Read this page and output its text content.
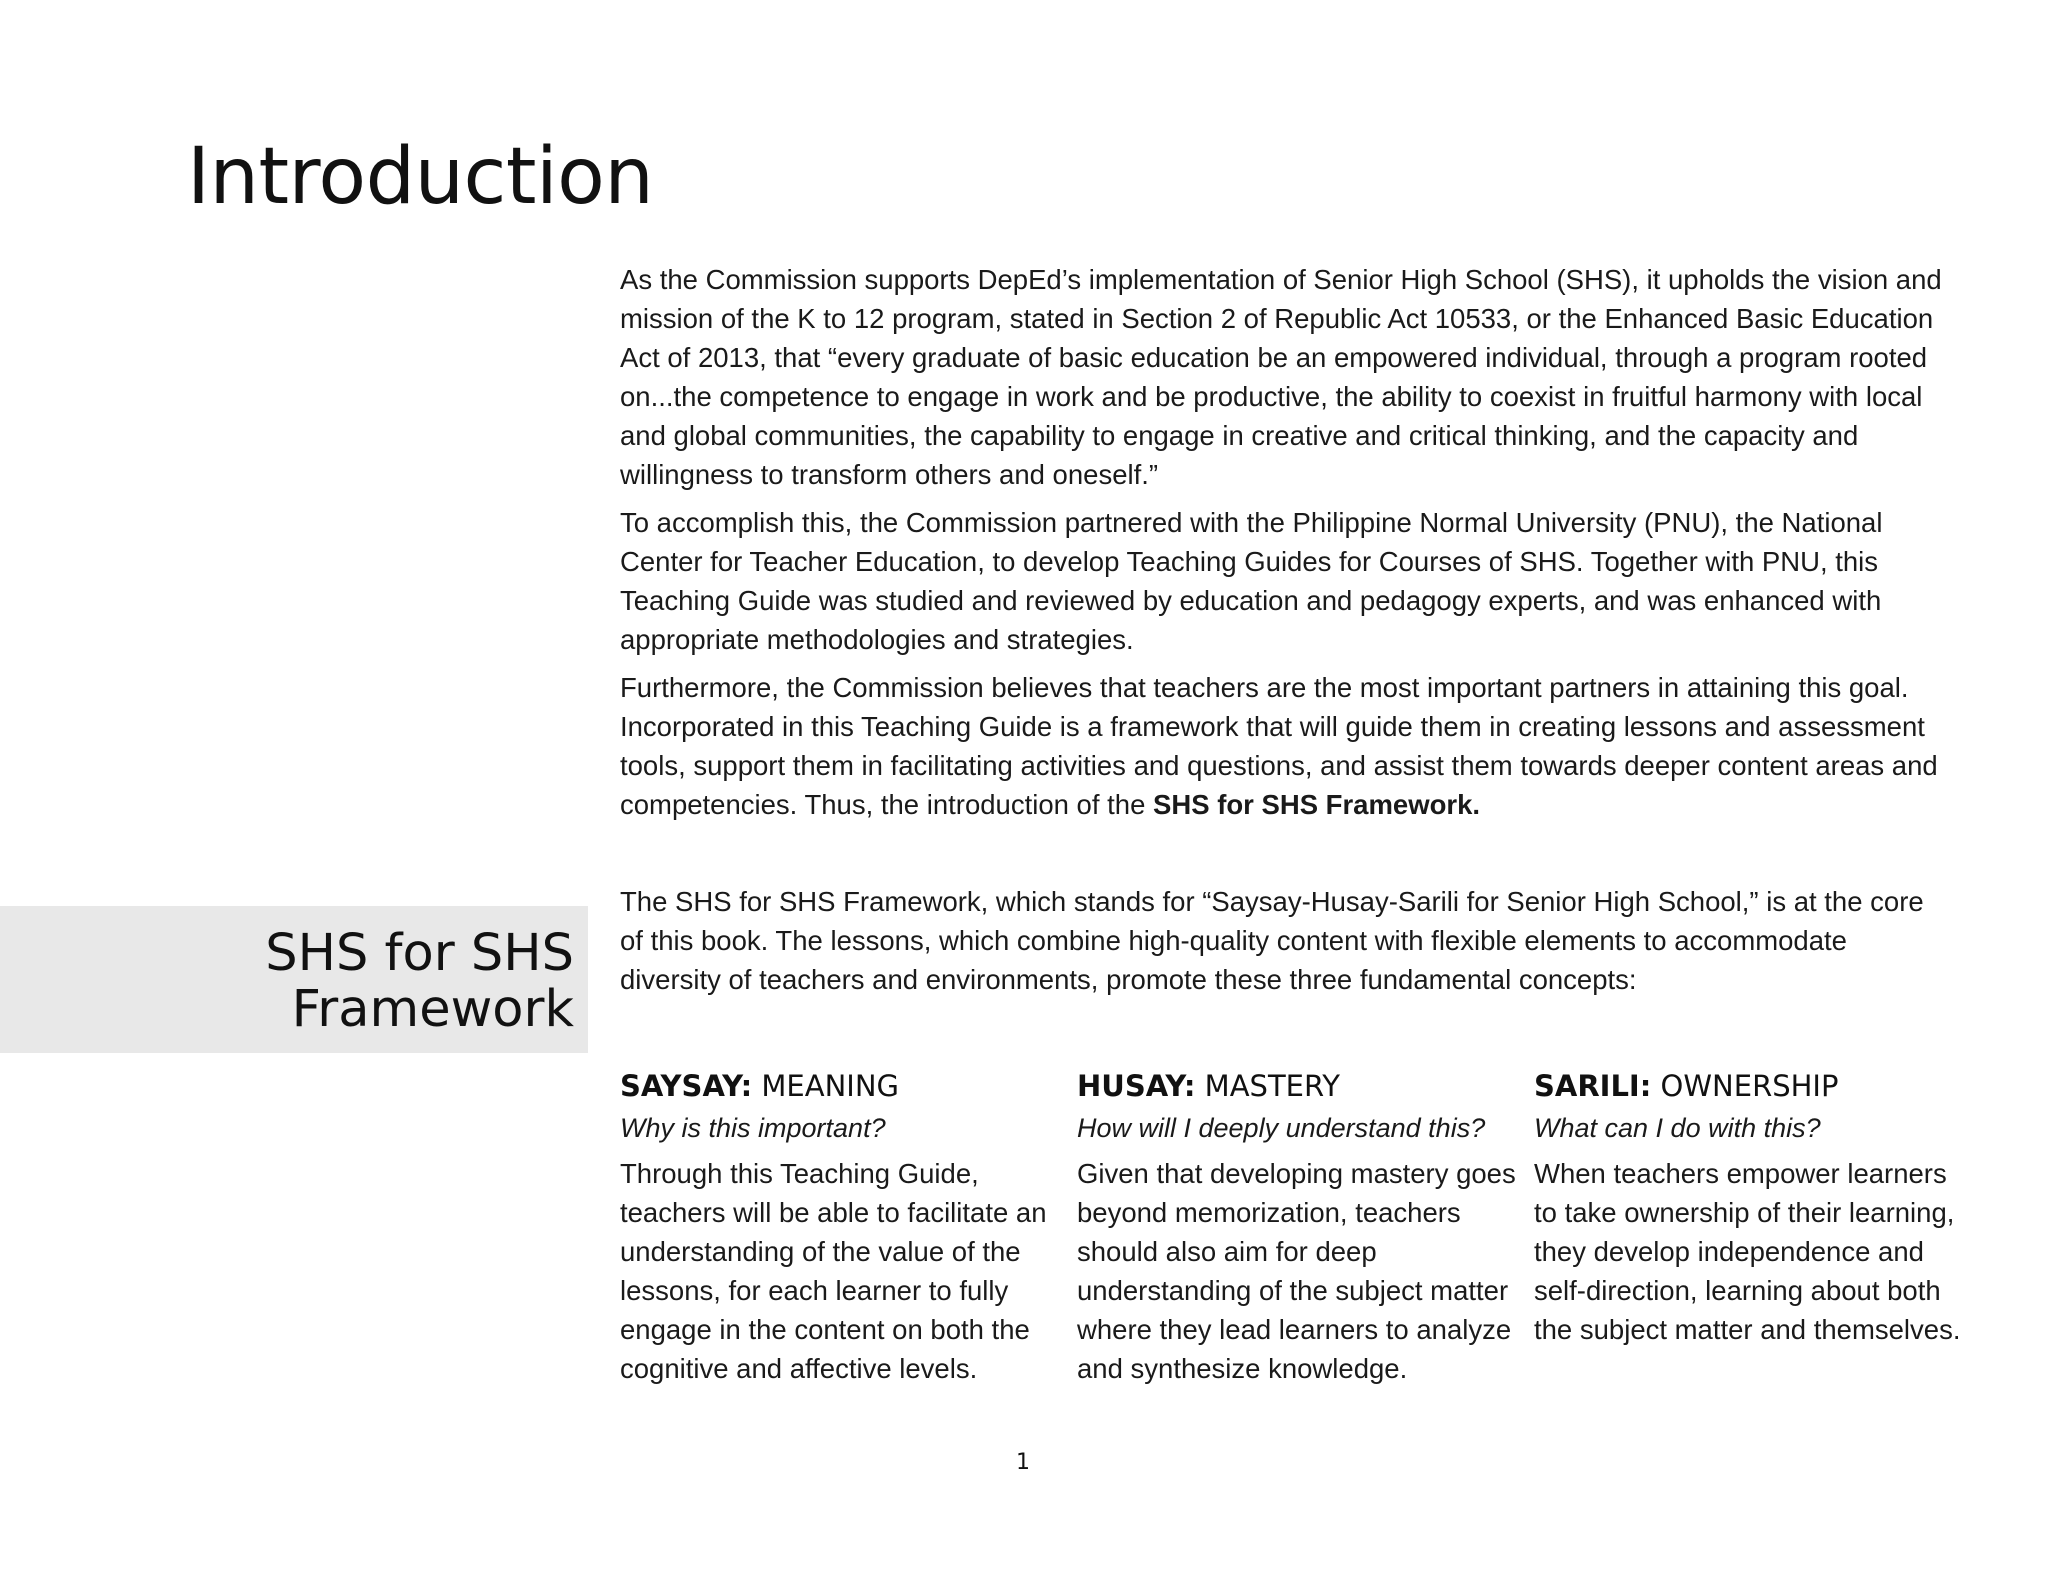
Introduction

As the Commission supports DepEd’s implementation of Senior High School (SHS), it upholds the vision and mission of the K to 12 program, stated in Section 2 of Republic Act 10533, or the Enhanced Basic Education Act of 2013, that “every graduate of basic education be an empowered individual, through a program rooted on...the competence to engage in work and be productive, the ability to coexist in fruitful harmony with local and global communities, the capability to engage in creative and critical thinking, and the capacity and willingness to transform others and oneself.”

To accomplish this, the Commission partnered with the Philippine Normal University (PNU), the National Center for Teacher Education, to develop Teaching Guides for Courses of SHS. Together with PNU, this Teaching Guide was studied and reviewed by education and pedagogy experts, and was enhanced with appropriate methodologies and strategies.

Furthermore, the Commission believes that teachers are the most important partners in attaining this goal. Incorporated in this Teaching Guide is a framework that will guide them in creating lessons and assessment tools, support them in facilitating activities and questions, and assist them towards deeper content areas and competencies. Thus, the introduction of the SHS for SHS Framework.

SHS for SHS
Framework

The SHS for SHS Framework, which stands for “Saysay-Husay-Sarili for Senior High School,” is at the core of this book. The lessons, which combine high-quality content with flexible elements to accommodate diversity of teachers and environments, promote these three fundamental concepts:

SAYSAY: MEANING
Why is this important?
Through this Teaching Guide, teachers will be able to facilitate an understanding of the value of the lessons, for each learner to fully engage in the content on both the cognitive and affective levels.
HUSAY: MASTERY
How will I deeply understand this?
Given that developing mastery goes beyond memorization, teachers should also aim for deep understanding of the subject matter where they lead learners to analyze and synthesize knowledge.
SARILI: OWNERSHIP
What can I do with this?
When teachers empower learners to take ownership of their learning, they develop independence and self-direction, learning about both the subject matter and themselves.
1
